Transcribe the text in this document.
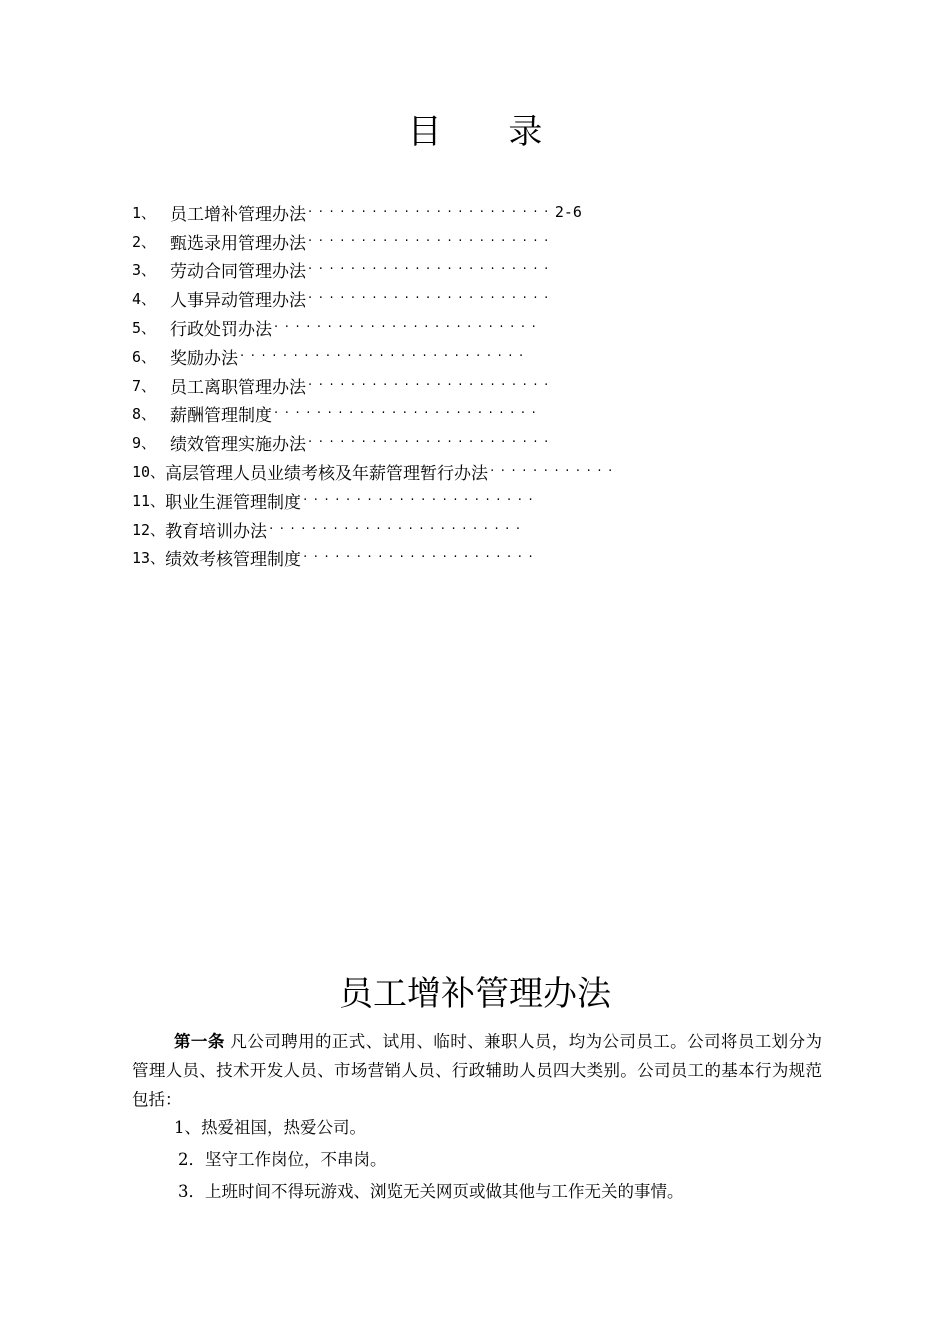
目 录
1、 员工增补管理办法 ······················· 2-6
2、 甄选录用管理办法 ·······················
3、 劳动合同管理办法 ·······················
4、 人事异动管理办法 ·······················
5、 行政处罚办法 ·························
6、 奖励办法 ···························
7、 员工离职管理办法 ·······················
8、 薪酬管理制度 ·························
9、 绩效管理实施办法 ·······················
10、 高层管理人员业绩考核及年薪管理暂行办法 ············
11、 职业生涯管理制度 ······················
12、 教育培训办法 ························
13、 绩效考核管理制度 ······················
员工增补管理办法

第一条 凡公司聘用的正式、试用、临时、兼职人员，均为公司员工。公司将员工划分为管理人员、技术开发人员、市场营销人员、行政辅助人员四大类别。公司员工的基本行为规范包括：

1、热爱祖国，热爱公司。

2．坚守工作岗位，不串岗。

3．上班时间不得玩游戏、浏览无关网页或做其他与工作无关的事情。
